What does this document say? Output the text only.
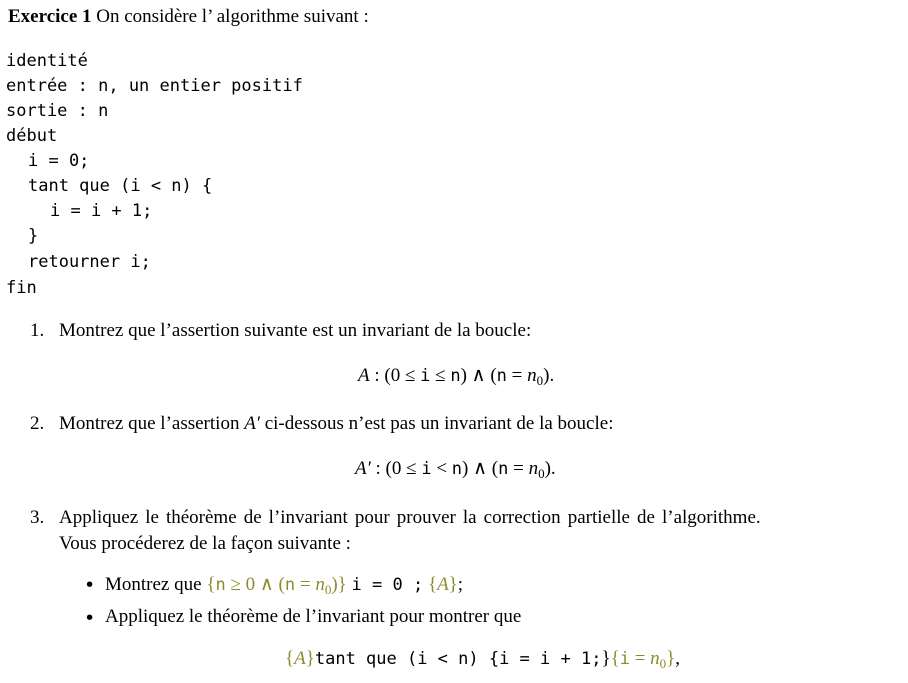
Exercice 1 On considère l’ algorithme suivant :
identité
entrée : n, un entier positif
sortie : n
début
i = 0;
tant que (i < n) {
i = i + 1;
}
retourner i;
fin
1. Montrez que l’assertion suivante est un invariant de la boucle:
A : (0 ≤ i ≤ n) ∧ $(n = n_0)$.
2. Montrez que l’assertion A′ ci-dessous n’est pas un invariant de la boucle:
A′ : (0 ≤ i < n) ∧ $(n = n_0)$.
3. Appliquez le théorème de l’invariant pour prouver la correction partielle de l’algorithme.
Vous procéderez de la façon suivante :
• Montrez que {n ≥ 0 ∧ $(n = n_0)$} i = 0 ; {A};
• Appliquez le théorème de l’invariant pour montrer que
{A}tant que (i < n) {i = i + 1;}{i = $n_0$},
